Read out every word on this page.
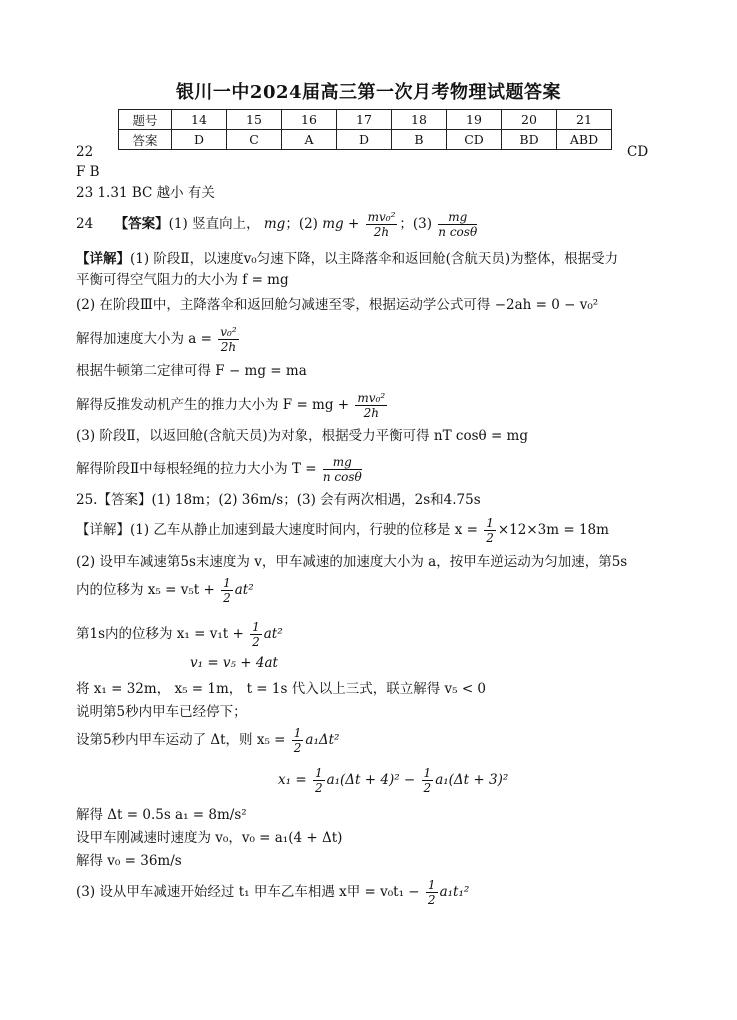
银川一中2024届高三第一次月考物理试题答案
题号	14	15	16	17	18	19	20	21
答案	D	C	A	D	B	CD	BD	ABD
22	CD
F B
23 1.31 BC 越小 有关
24 【答案】(1) 竖直向上， mg；(2) mg + $\frac{\text{mv₀²}}{2h}$ ；$(3) \frac{mg}{\text{n cosθ}}$
【详解】(1) 阶段Ⅱ，以速度v₀匀速下降，以主降落伞和返回舱(含航天员)为整体，根据受力
平衡可得空气阻力的大小为 f = mg
(2) 在阶段Ⅲ中，主降落伞和返回舱匀减速至零，根据运动学公式可得 −2ah = 0 − v₀²
解得加速度大小为 $a = \frac{\text{v₀²}}{2h}$
根据牛顿第二定律可得 F − mg = ma
解得反推发动机产生的推力大小为 F = mg + $\frac{\text{mv₀²}}{2h}$
(3) 阶段Ⅱ，以返回舱(含航天员)为对象，根据受力平衡可得 nT cosθ = mg
解得阶段Ⅱ中每根轻绳的拉力大小为 $T = \frac{mg}{\text{n cosθ}}$
25.【答案】(1) 18m；(2) 36m/s；(3) 会有两次相遇，2s和4.75s
【详解】(1) 乙车从静止加速到最大速度时间内，行驶的位移是 $x = \frac{1}{2} \times 12\times 3m = 18m$
(2) 设甲车减速第5s末速度为 v，甲车减速的加速度大小为 a，按甲车逆运动为匀加速，第5s
内的位移为 $x_5 = v_5t + \frac{1}{2} at^2$
第1s内的位移为 $x_1 = v_1t + \frac{1}{2} at^2$
v₁ = v₅ + 4at
将 x₁ = 32m， x₅ = 1m， t = 1s 代入以上三式，联立解得 v₅ < 0
说明第5秒内甲车已经停下；
设第5秒内甲车运动了 Δt，则 $x_5 = \frac{1}{2} a_1\Delta t^2$
$x_1 = \frac{1}{2} a_1(\Delta t + 4)^2 - \frac{1}{2} a_1(\Delta t + 3)^2$
解得 Δt = 0.5s a₁ = 8m/s²
设甲车刚减速时速度为 v₀，v₀ = a₁(4 + Δt)
解得 v₀ = 36m/s
(3) 设从甲车减速开始经过 t₁ 甲车乙车相遇 x甲 = $v_0t_1 - \frac{1}{2} a_1t_1^2$
